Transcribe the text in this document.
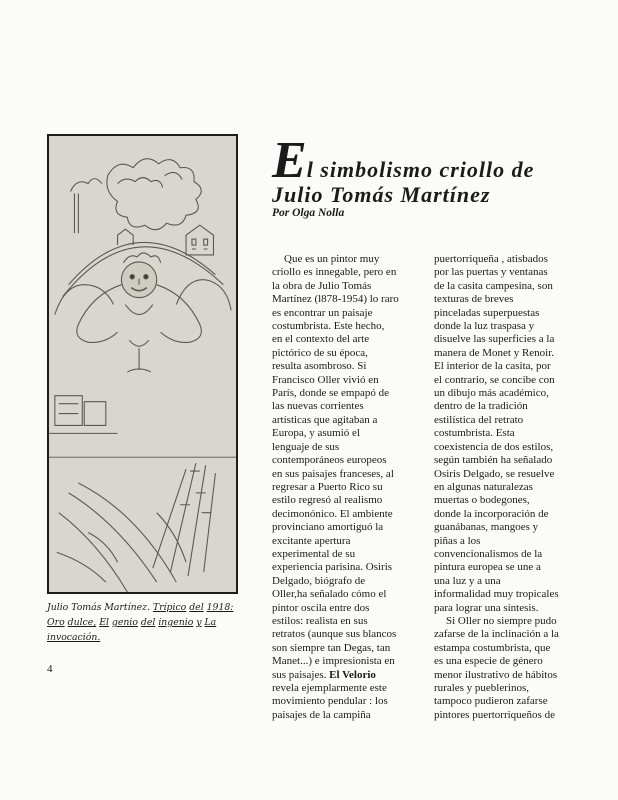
Julio Tomás Martínez. Trípico del 1918: Oro dulce, El genio del ingenio y La invocación.
4
El simbolismo criollo de
Julio Tomás Martínez
Por Olga Nolla
Que es un pintor muy
criollo es innegable, pero en
la obra de Julio Tomás
Martínez (l878-1954) lo raro
es encontrar un paisaje
costumbrista. Este hecho,
en el contexto del arte
pictórico de su época,
resulta asombroso. Si
Francisco Oller vivió en
París, donde se empapó de
las nuevas corrientes
artísticas que agitaban a
Europa, y asumió el
lenguaje de sus
contemporáneos europeos
en sus paisajes franceses, al
regresar a Puerto Rico su
estilo regresó al realismo
decimonónico. El ambiente
provinciano amortiguó la
excitante apertura
experimental de su
experiencia parisina. Osiris
Delgado, biógrafo de
Oller,ha señalado cómo el
pintor oscila entre dos
estilos: realista en sus
retratos (aunque sus blancos
son siempre tan Degas, tan
Manet...) e impresionista en
sus paisajes. El Velorio
revela ejemplarmente este
movimiento pendular : los
paisajes de la campiña
puertorriqueña , atisbados
por las puertas y ventanas
de la casita campesina, son
texturas de breves
pinceladas superpuestas
donde la luz traspasa y
disuelve las superficies a la
manera de Monet y Renoir.
El interior de la casita, por
el contrario, se concibe con
un dibujo más académico,
dentro de la tradición
estilística del retrato
costumbrista. Esta
coexistencia de dos estilos,
según también ha señalado
Osiris Delgado, se resuelve
en algunas naturalezas
muertas o bodegones,
donde la incorporación de
guanábanas, mangoes y
piñas a los
convencionalismos de la
pintura europea se une a
una luz y a una
informalidad muy tropicales
para lograr una síntesis.
Si Oller no siempre pudo
zafarse de la inclinación a la
estampa costumbrista, que
es una especie de género
menor ilustrativo de hábitos
rurales y pueblerinos,
tampoco pudieron zafarse
pintores puertorriqueños de
